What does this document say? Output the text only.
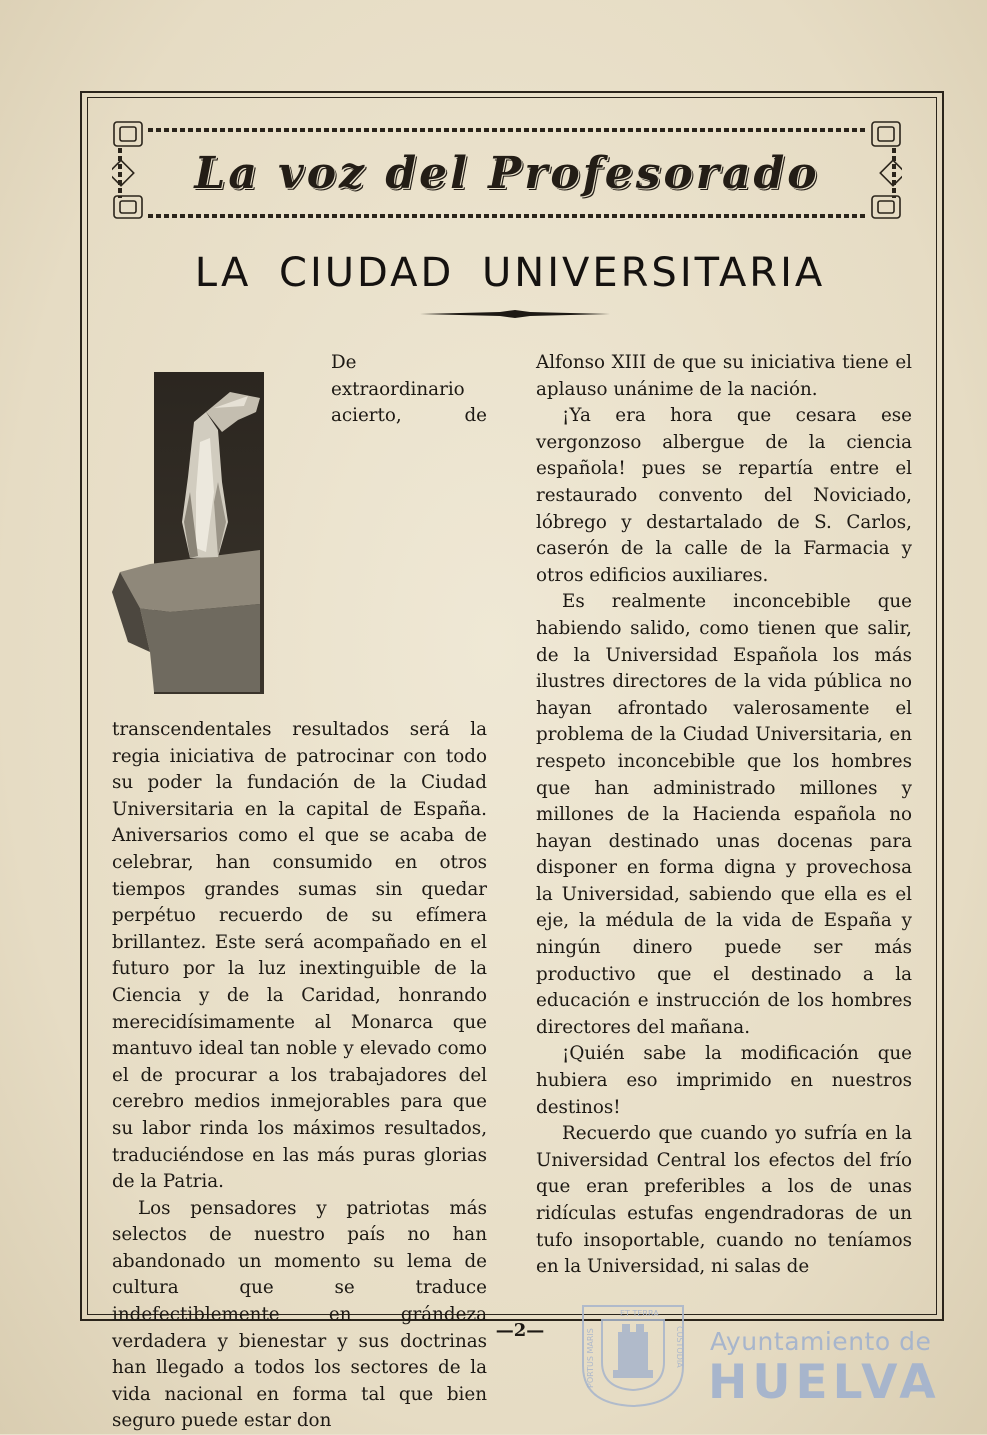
La voz del Profesorado
LA CIUDAD UNIVERSITARIA

De extraordinario acierto, de transcendentales resultados será la regia iniciativa de patrocinar con todo su poder la fundación de la Ciudad Universitaria en la capital de España. Aniversarios como el que se acaba de celebrar, han consumido en otros tiempos grandes sumas sin quedar perpétuo recuerdo de su efímera brillantez. Este será acompañado en el futuro por la luz inextinguible de la Ciencia y de la Caridad, honrando merecidísimamente al Monarca que mantuvo ideal tan noble y elevado como el de procurar a los trabajadores del cerebro medios inmejorables para que su labor rinda los máximos resultados, traduciéndose en las más puras glorias de la Patria.

Los pensadores y patriotas más selectos de nuestro país no han abandonado un momento su lema de cultura que se traduce indefectiblemente en grándeza verdadera y bienestar y sus doctrinas han llegado a todos los sectores de la vida nacional en forma tal que bien seguro puede estar don

Alfonso XIII de que su iniciativa tiene el aplauso unánime de la nación.

¡Ya era hora que cesara ese vergonzoso albergue de la ciencia española! pues se repartía entre el restaurado convento del Noviciado, lóbrego y destartalado de S. Carlos, caserón de la calle de la Farmacia y otros edificios auxiliares.

Es realmente inconcebible que habiendo salido, como tienen que salir, de la Universidad Española los más ilustres directores de la vida pública no hayan afrontado valerosamente el problema de la Ciudad Universitaria, en respeto inconcebible que los hombres que han administrado millones y millones de la Hacienda española no hayan destinado unas docenas para disponer en forma digna y provechosa la Universidad, sabiendo que ella es el eje, la médula de la vida de España y ningún dinero puede ser más productivo que el destinado a la educación e instrucción de los hombres directores del mañana.

¡Quién sabe la modificación que hubiera eso imprimido en nuestros destinos!

Recuerdo que cuando yo sufría en la Universidad Central los efectos del frío que eran preferibles a los de unas ridículas estufas engendradoras de un tufo insoportable, cuando no teníamos en la Universidad, ni salas de

—2—
ET TERRA
PORTUS MARIS	CUSTODIA Ayuntamiento de
HUELVA
